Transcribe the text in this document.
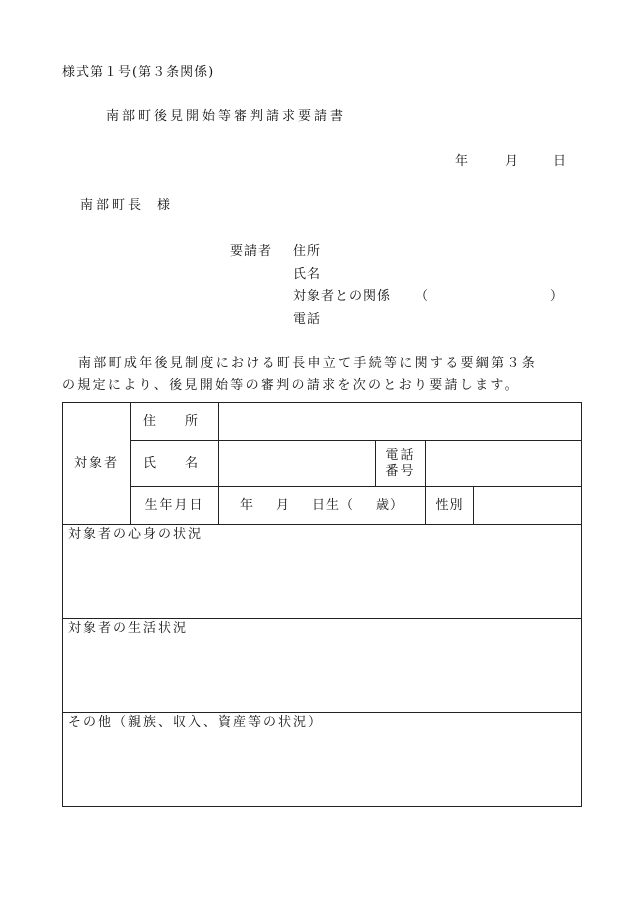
様式第１号(第３条関係)
南部町後見開始等審判請求要請書
年	月	日
南部町長 様
要請者 住所
氏名
対象者との関係 （	）
電話
南部町成年後見制度における町長申立て手続等に関する要綱第３条
の規定により、後見開始等の審判の請求を次のとおり要請します。
対象者	住　所				
	氏　名		電話
番号		
	生年月日	年 月 日生（ 歳）		性別	
対象者の心身の状況					
対象者の生活状況					
その他（親族、収入、資産等の状況）					
